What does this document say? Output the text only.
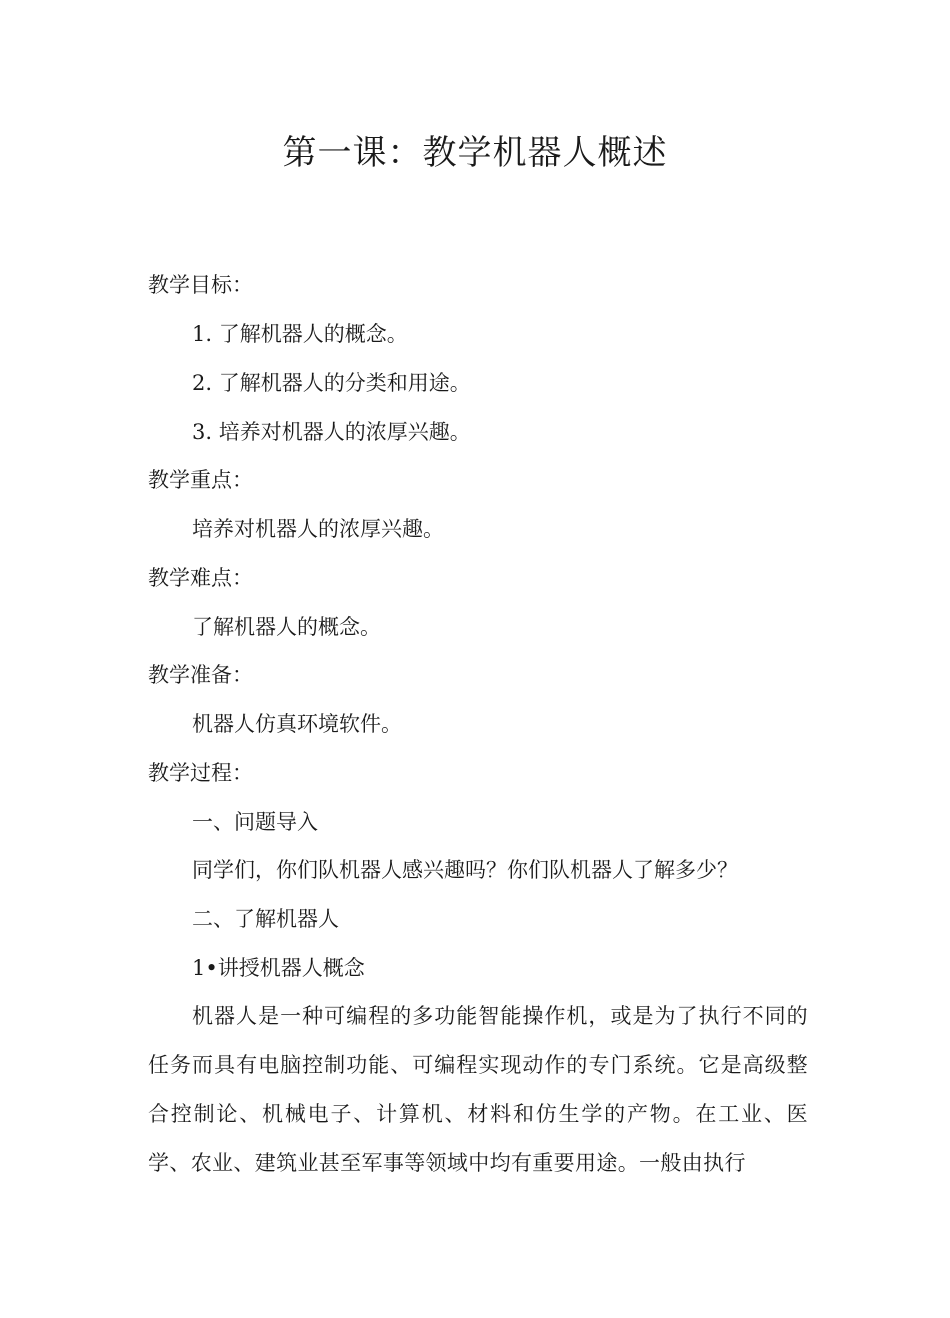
第一课：教学机器人概述
教学目标：
1. 了解机器人的概念。
2. 了解机器人的分类和用途。
3. 培养对机器人的浓厚兴趣。
教学重点：
培养对机器人的浓厚兴趣。
教学难点：
了解机器人的概念。
教学准备：
机器人仿真环境软件。
教学过程：
一、问题导入
同学们，你们队机器人感兴趣吗？你们队机器人了解多少？
二、了解机器人
1•讲授机器人概念
机器人是一种可编程的多功能智能操作机，或是为了执行不同的任务而具有电脑控制功能、可编程实现动作的专门系统。它是高级整合控制论、机械电子、计算机、材料和仿生学的产物。在工业、医学、农业、建筑业甚至军事等领域中均有重要用途。一般由执行
